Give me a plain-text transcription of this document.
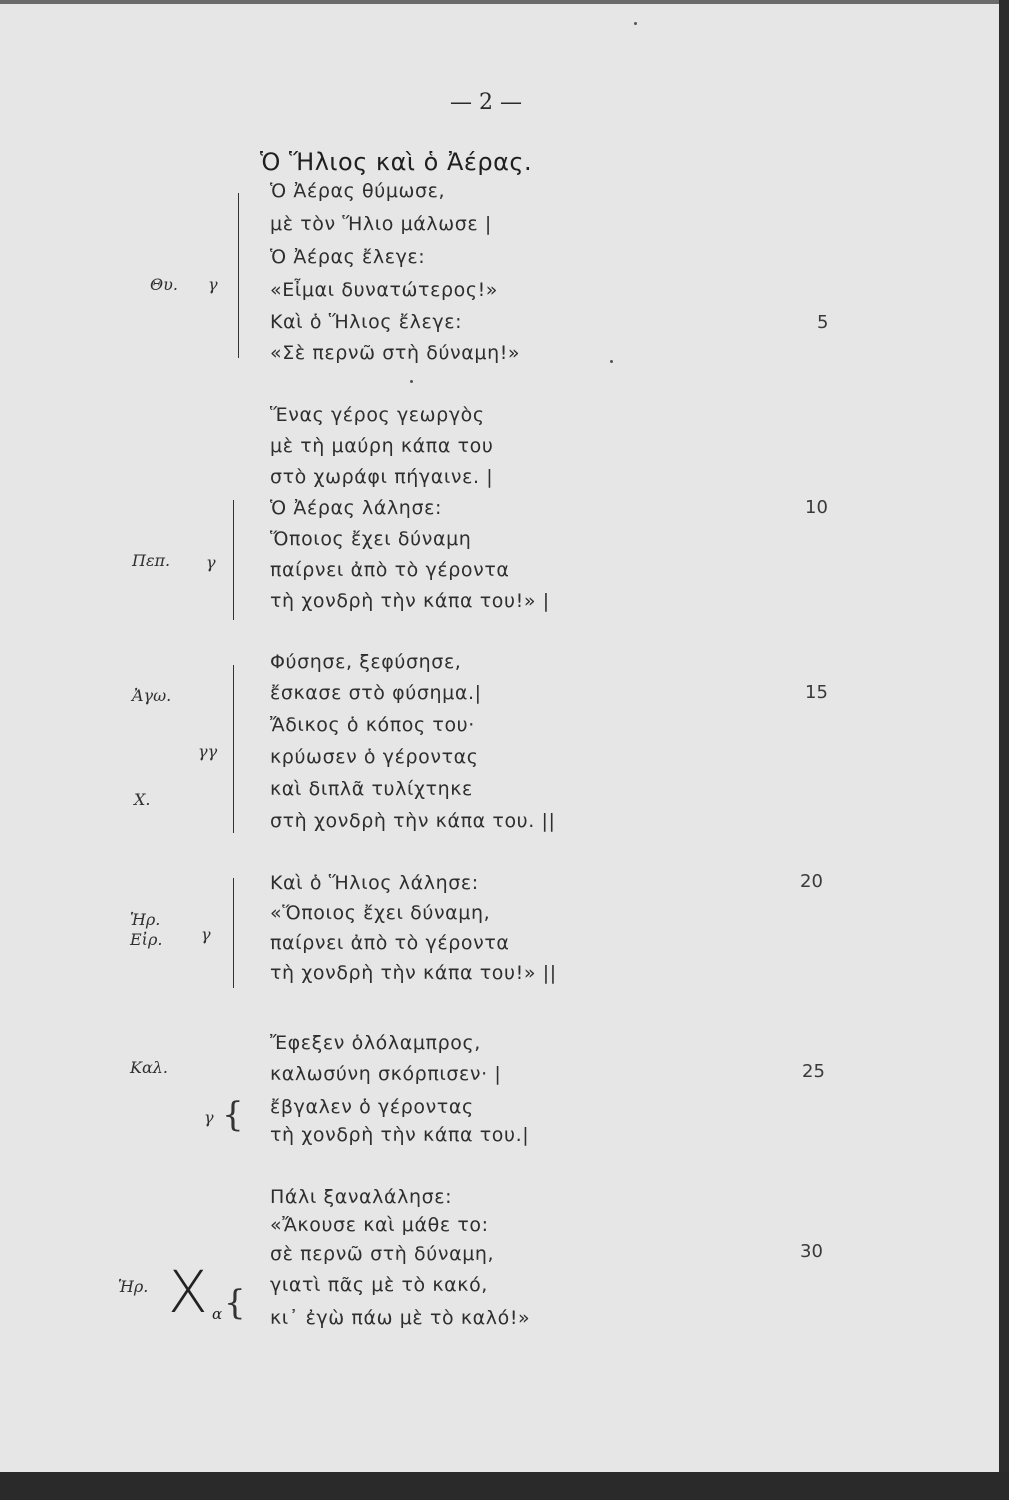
— 2 —
Ὁ Ἥλιος καὶ ὁ Ἀέρας.
Ὁ Ἀέρας θύμωσε,
μὲ τὸν Ἥλιο μάλωσε |
Ὁ Ἀέρας ἔλεγε:
«Εἶμαι δυνατώτερος!»
Καὶ ὁ Ἥλιος ἔλεγε:
«Σὲ περνῶ στὴ δύναμη!»
Ἕνας γέρος γεωργὸς
μὲ τὴ μαύρη κάπα του
στὸ χωράφι πήγαινε. |
Ὁ Ἀέρας λάλησε:
Ὅποιος ἔχει δύναμη
παίρνει ἀπὸ τὸ γέροντα
τὴ χονδρὴ τὴν κάπα του!» |
Φύσησε, ξεφύσησε,
ἔσκασε στὸ φύσημα.|
Ἄδικος ὁ κόπος του·
κρύωσεν ὁ γέροντας
καὶ διπλᾶ τυλίχτηκε
στὴ χονδρὴ τὴν κάπα του. ||
Καὶ ὁ Ἥλιος λάλησε:
«Ὅποιος ἔχει δύναμη,
παίρνει ἀπὸ τὸ γέροντα
τὴ χονδρὴ τὴν κάπα του!» ||
Ἔφεξεν ὁλόλαμπρος,
καλωσύνη σκόρπισεν· |
ἔβγαλεν ὁ γέροντας
τὴ χονδρὴ τὴν κάπα του.|
Πάλι ξαναλάλησε:
«Ἄκουσε καὶ μάθε το:
σὲ περνῶ στὴ δύναμη,
γιατὶ πᾶς μὲ τὸ κακό,
κι᾿ ἐγὼ πάω μὲ τὸ καλό!»
5
10
15
20
25
30
Θυ.
Πεπ.
Ἀγω.
Χ.
Ἡρ.
Εἰρ.
Καλ.
Ἡρ.
γ
γ
γγ
γ
γ
X α
{
{
